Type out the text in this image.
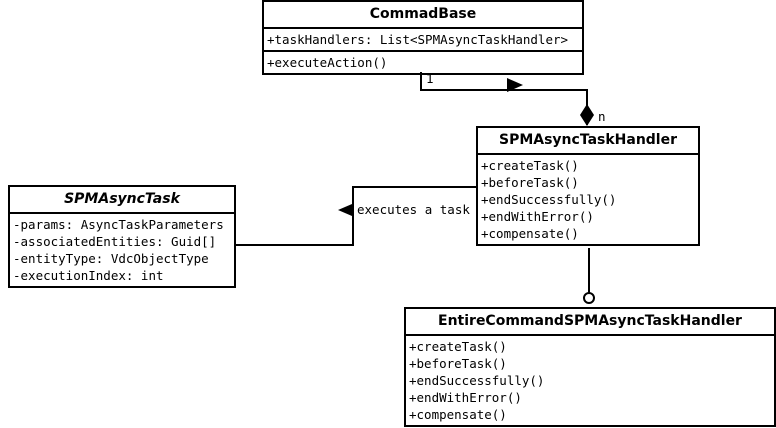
CommadBase
+taskHandlers: List<SPMAsyncTaskHandler>
+executeAction()
SPMAsyncTaskHandler
+createTask()
+beforeTask()
+endSuccessfully()
+endWithError()
+compensate()
SPMAsyncTask
-params: AsyncTaskParameters
-associatedEntities: Guid[]
-entityType: VdcObjectType
-executionIndex: int
EntireCommandSPMAsyncTaskHandler
+createTask()
+beforeTask()
+endSuccessfully()
+endWithError()
+compensate()
1
n
executes a task
